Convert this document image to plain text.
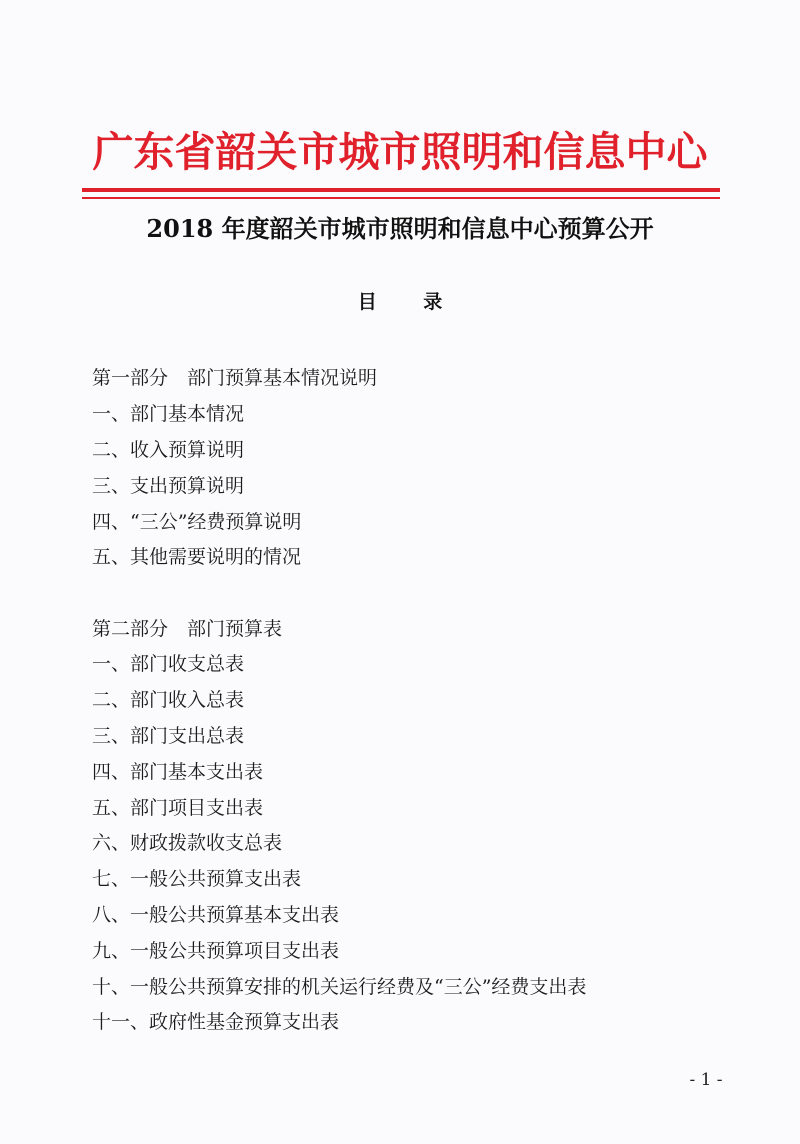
广东省韶关市城市照明和信息中心
2018 年度韶关市城市照明和信息中心预算公开
目 录
第一部分　部门预算基本情况说明
一、部门基本情况
二、收入预算说明
三、支出预算说明
四、“三公”经费预算说明
五、其他需要说明的情况
第二部分　部门预算表
一、部门收支总表
二、部门收入总表
三、部门支出总表
四、部门基本支出表
五、部门项目支出表
六、财政拨款收支总表
七、一般公共预算支出表
八、一般公共预算基本支出表
九、一般公共预算项目支出表
十、一般公共预算安排的机关运行经费及“三公”经费支出表
十一、政府性基金预算支出表
- 1 -
